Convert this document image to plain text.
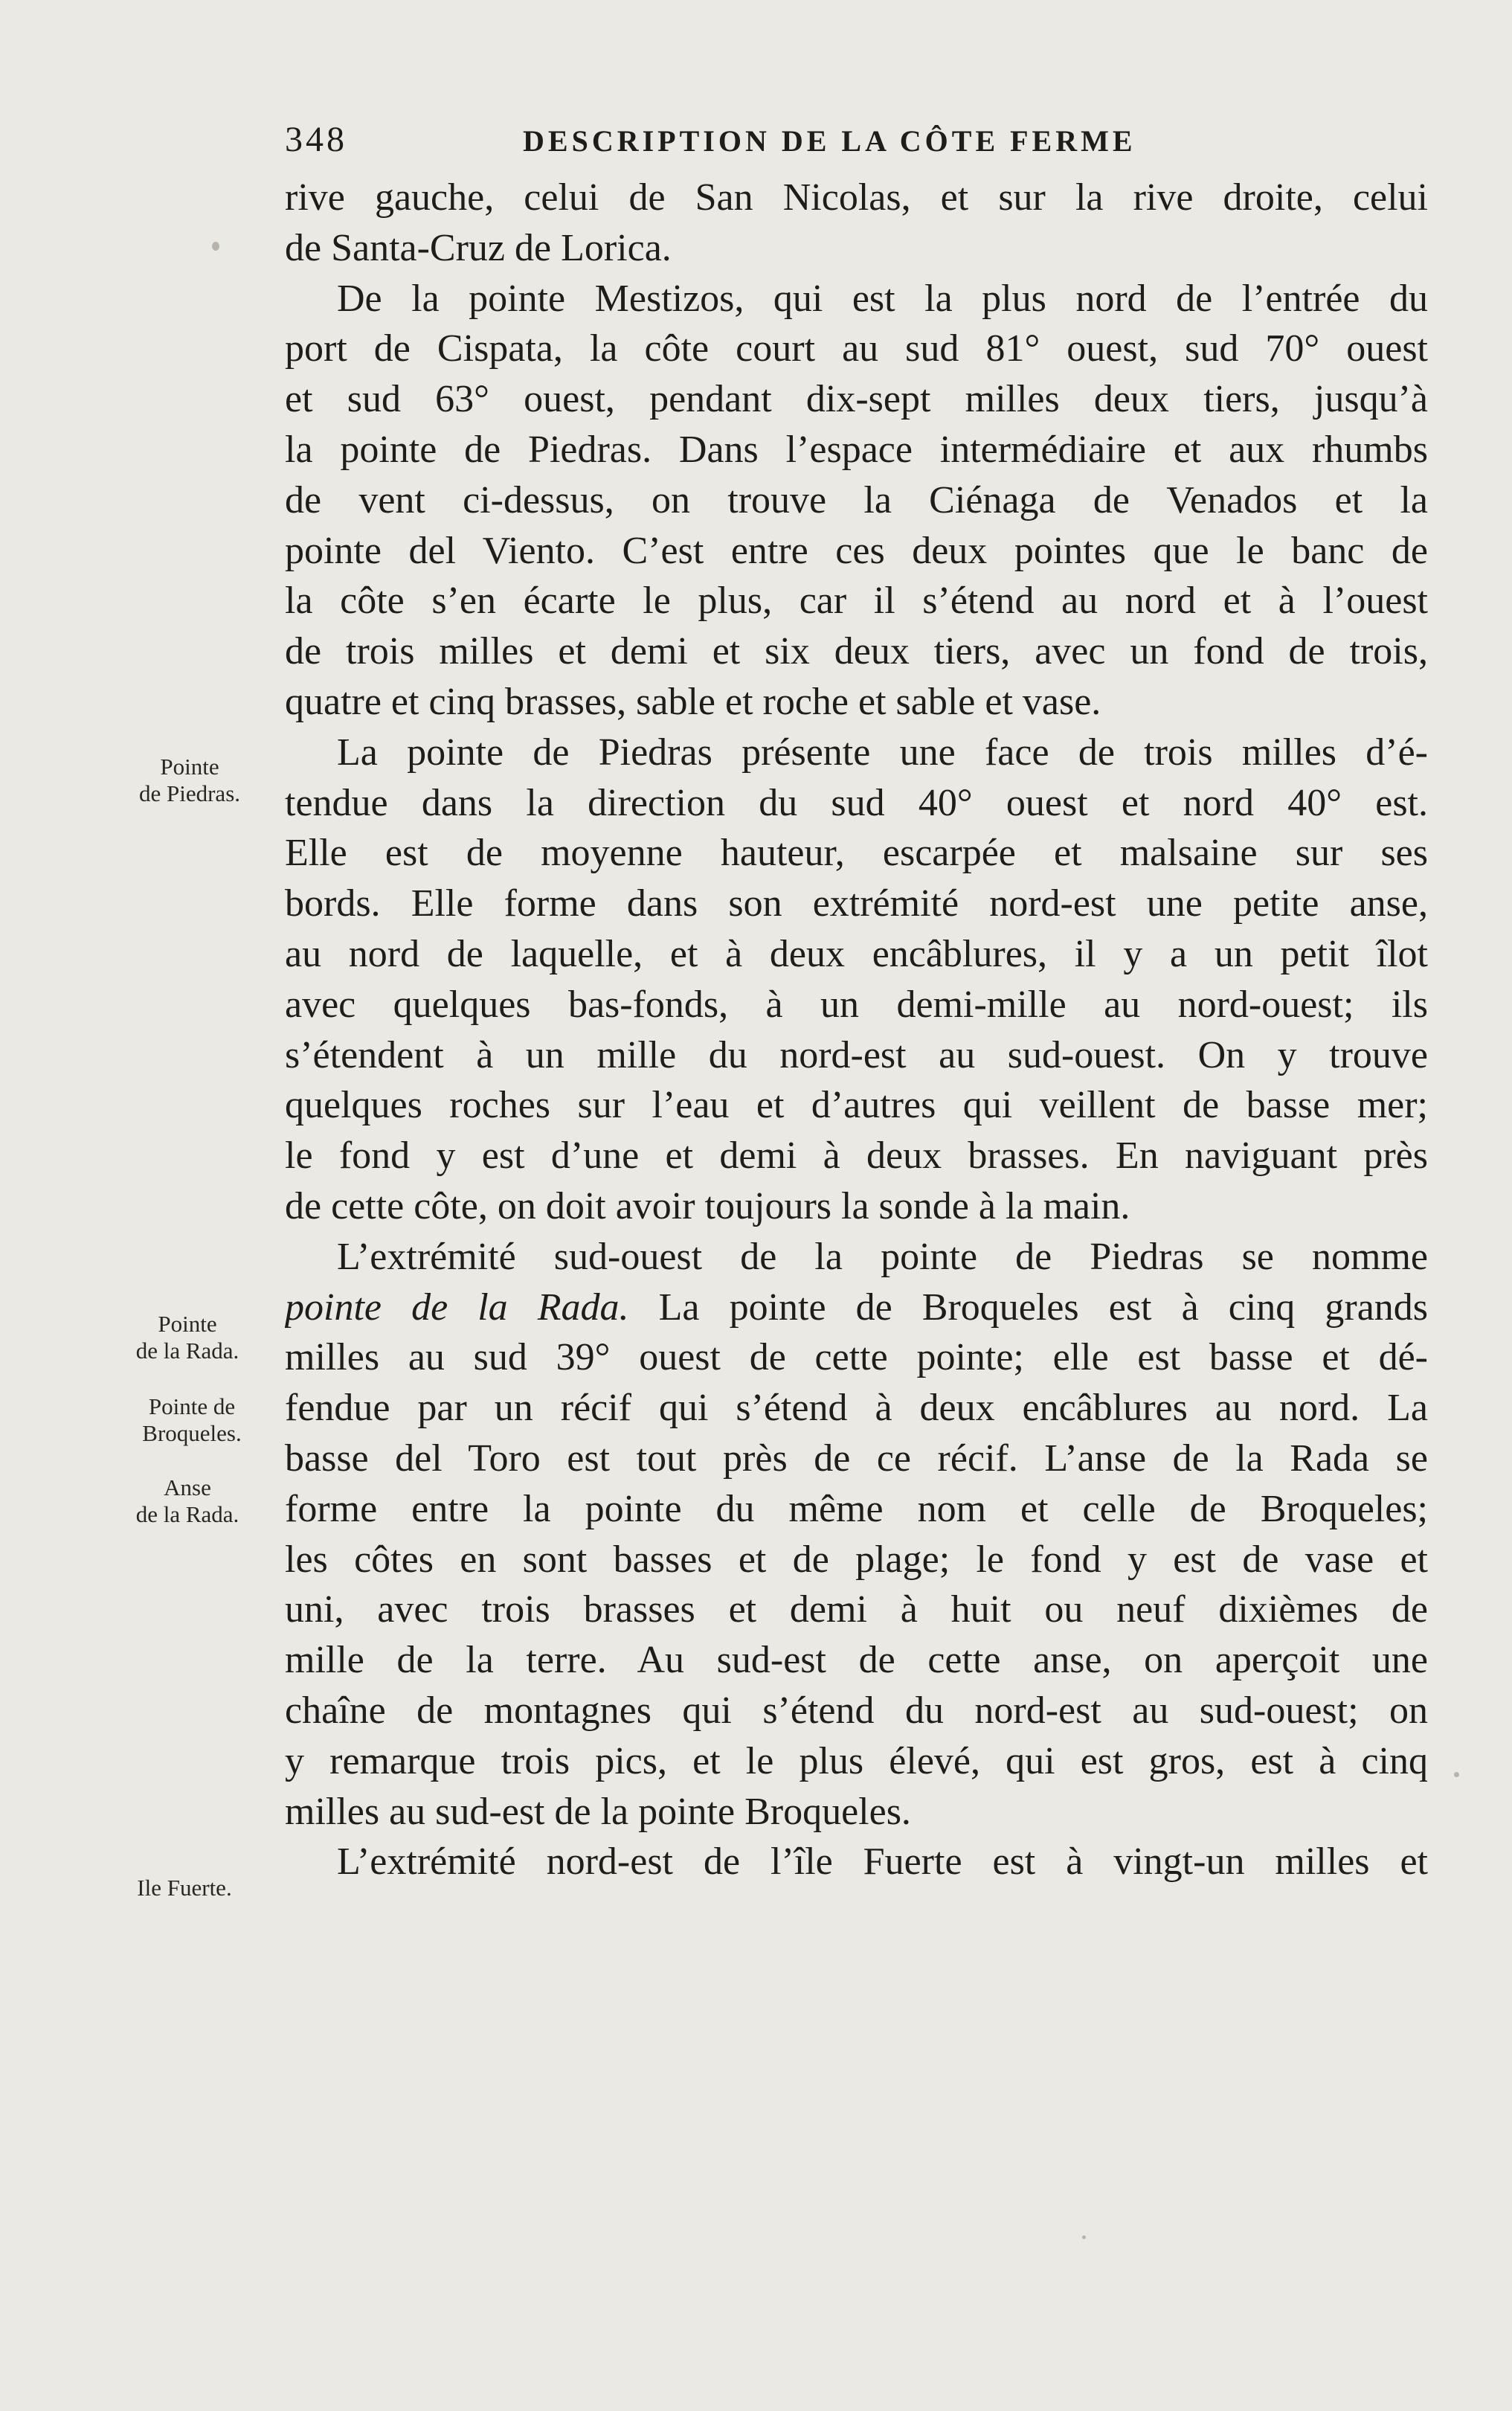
348	DESCRIPTION DE LA CÔTE FERME
Pointe
de Piedras.
Pointe
de la Rada.
Pointe de
Broqueles.
Anse
de la Rada.
Ile Fuerte.
rive gauche, celui de San Nicolas, et sur la rive droite, celui
de Santa-Cruz de Lorica.
De la pointe Mestizos, qui est la plus nord de l’entrée du
port de Cispata, la côte court au sud 81° ouest, sud 70° ouest
et sud 63° ouest, pendant dix-sept milles deux tiers, jusqu’à
la pointe de Piedras. Dans l’espace intermédiaire et aux rhumbs
de vent ci-dessus, on trouve la Ciénaga de Venados et la
pointe del Viento. C’est entre ces deux pointes que le banc de
la côte s’en écarte le plus, car il s’étend au nord et à l’ouest
de trois milles et demi et six deux tiers, avec un fond de trois,
quatre et cinq brasses, sable et roche et sable et vase.
La pointe de Piedras présente une face de trois milles d’é-
tendue dans la direction du sud 40° ouest et nord 40° est.
Elle est de moyenne hauteur, escarpée et malsaine sur ses
bords. Elle forme dans son extrémité nord-est une petite anse,
au nord de laquelle, et à deux encâblures, il y a un petit îlot
avec quelques bas-fonds, à un demi-mille au nord-ouest; ils
s’étendent à un mille du nord-est au sud-ouest. On y trouve
quelques roches sur l’eau et d’autres qui veillent de basse mer;
le fond y est d’une et demi à deux brasses. En naviguant près
de cette côte, on doit avoir toujours la sonde à la main.
L’extrémité sud-ouest de la pointe de Piedras se nomme
pointe de la Rada. La pointe de Broqueles est à cinq grands
milles au sud 39° ouest de cette pointe; elle est basse et dé-
fendue par un récif qui s’étend à deux encâblures au nord. La
basse del Toro est tout près de ce récif. L’anse de la Rada se
forme entre la pointe du même nom et celle de Broqueles;
les côtes en sont basses et de plage; le fond y est de vase et
uni, avec trois brasses et demi à huit ou neuf dixièmes de
mille de la terre. Au sud-est de cette anse, on aperçoit une
chaîne de montagnes qui s’étend du nord-est au sud-ouest; on
y remarque trois pics, et le plus élevé, qui est gros, est à cinq
milles au sud-est de la pointe Broqueles.
L’extrémité nord-est de l’île Fuerte est à vingt-un milles et
